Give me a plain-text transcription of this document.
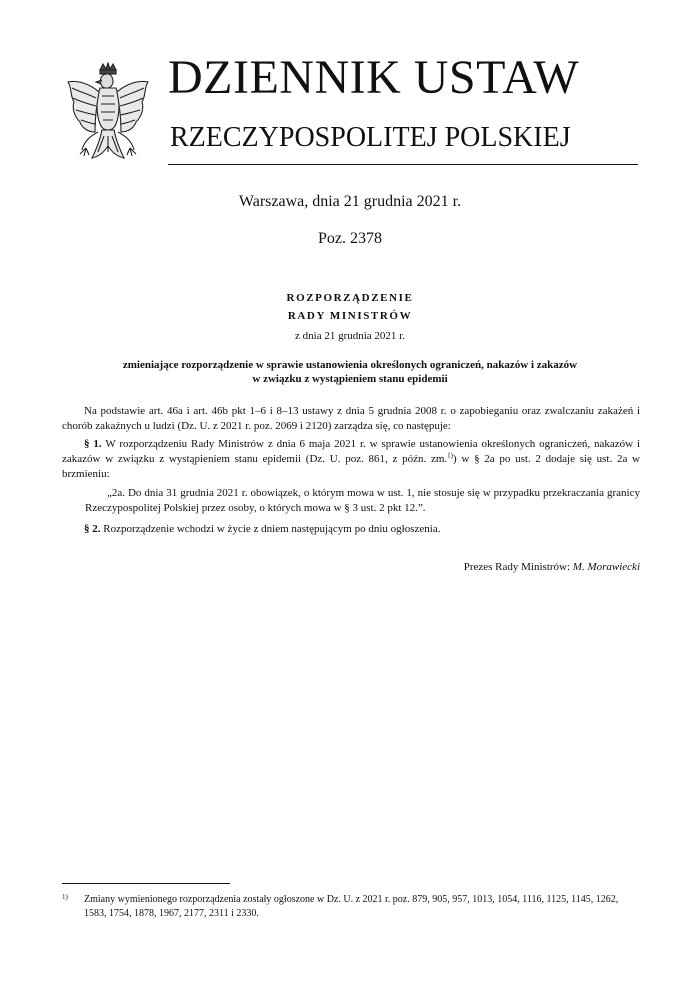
DZIENNIK USTAW
RZECZYPOSPOLITEJ POLSKIEJ
Warszawa, dnia 21 grudnia 2021 r.
Poz. 2378
ROZPORZĄDZENIE
RADY MINISTRÓW
z dnia 21 grudnia 2021 r.
zmieniające rozporządzenie w sprawie ustanowienia określonych ograniczeń, nakazów i zakazów
w związku z wystąpieniem stanu epidemii
Na podstawie art. 46a i art. 46b pkt 1–6 i 8–13 ustawy z dnia 5 grudnia 2008 r. o zapobieganiu oraz zwalczaniu zakażeń i chorób zakaźnych u ludzi (Dz. U. z 2021 r. poz. 2069 i 2120) zarządza się, co następuje:
§ 1. W rozporządzeniu Rady Ministrów z dnia 6 maja 2021 r. w sprawie ustanowienia określonych ograniczeń, nakazów i zakazów w związku z wystąpieniem stanu epidemii (Dz. U. poz. 861, z późn. zm.$^{1)}$) w § 2a po ust. 2 dodaje się ust. 2a w brzmieniu:
„2a. Do dnia 31 grudnia 2021 r. obowiązek, o którym mowa w ust. 1, nie stosuje się w przypadku przekraczania granicy Rzeczypospolitej Polskiej przez osoby, o których mowa w § 3 ust. 2 pkt 12.”.
§ 2. Rozporządzenie wchodzi w życie z dniem następującym po dniu ogłoszenia.
Prezes Rady Ministrów: M. Morawiecki
1) Zmiany wymienionego rozporządzenia zostały ogłoszone w Dz. U. z 2021 r. poz. 879, 905, 957, 1013, 1054, 1116, 1125, 1145, 1262, 1583, 1754, 1878, 1967, 2177, 2311 i 2330.
